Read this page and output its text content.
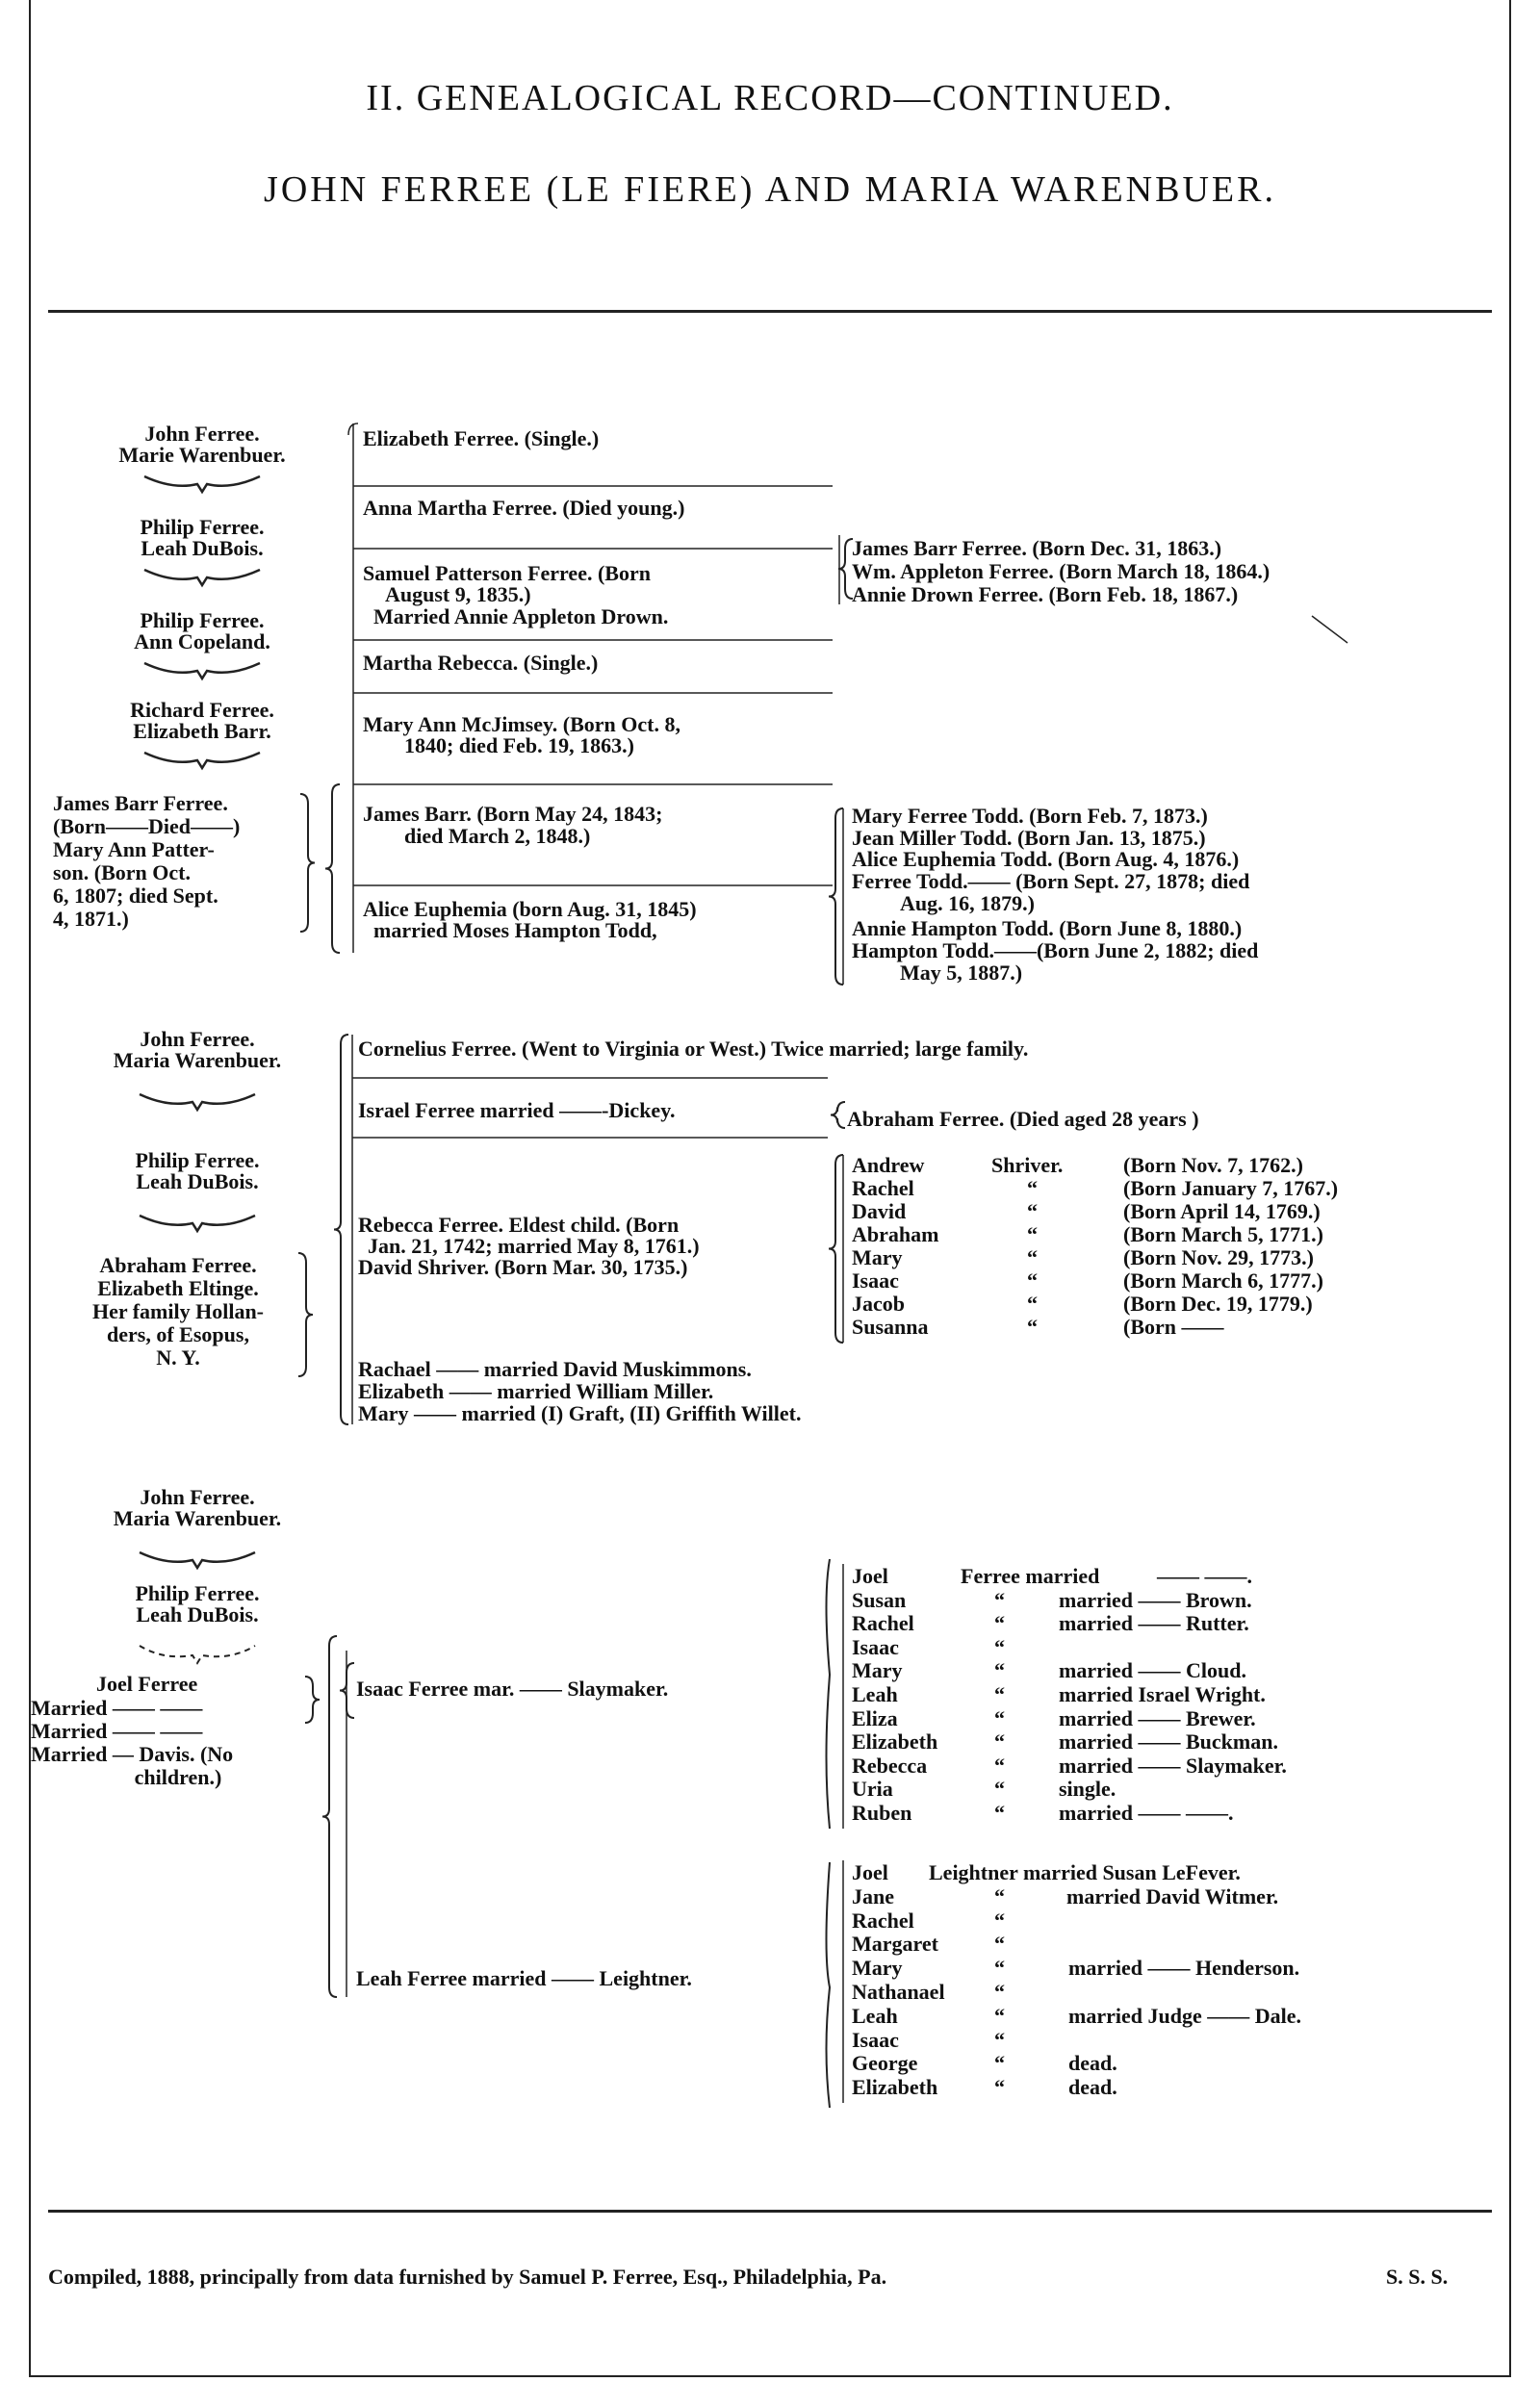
II. GENEALOGICAL RECORD—CONTINUED.
JOHN FERREE (LE FIERE) AND MARIA WARENBUER.
John Ferree.
Marie Warenbuer.
Philip Ferree.
Leah DuBois.
Philip Ferree.
Ann Copeland.
Richard Ferree.
Elizabeth Barr.
James Barr Ferree.
(Born——Died——)
Mary Ann Patter-
son. (Born Oct.
6, 1807; died Sept.
4, 1871.)
Elizabeth Ferree. (Single.)
Anna Martha Ferree. (Died young.)
Samuel Patterson Ferree. (Born
August 9, 1835.)
Married Annie Appleton Drown.
Martha Rebecca. (Single.)
Mary Ann McJimsey. (Born Oct. 8,
1840; died Feb. 19, 1863.)
James Barr. (Born May 24, 1843;
died March 2, 1848.)
Alice Euphemia (born Aug. 31, 1845)
married Moses Hampton Todd,
James Barr Ferree. (Born Dec. 31, 1863.)
Wm. Appleton Ferree. (Born March 18, 1864.)
Annie Drown Ferree. (Born Feb. 18, 1867.)
Mary Ferree Todd. (Born Feb. 7, 1873.)
Jean Miller Todd. (Born Jan. 13, 1875.)
Alice Euphemia Todd. (Born Aug. 4, 1876.)
Ferree Todd.—— (Born Sept. 27, 1878; died
Aug. 16, 1879.)
Annie Hampton Todd. (Born June 8, 1880.)
Hampton Todd.——(Born June 2, 1882; died
May 5, 1887.)
John Ferree.
Maria Warenbuer.
Philip Ferree.
Leah DuBois.
Abraham Ferree.
Elizabeth Eltinge.
Her family Hollan-
ders, of Esopus,
N. Y.
Cornelius Ferree. (Went to Virginia or West.) Twice married; large family.
Israel Ferree married ——-Dickey.
Rebecca Ferree. Eldest child. (Born
Jan. 21, 1742; married May 8, 1761.)
David Shriver. (Born Mar. 30, 1735.)
Rachael —— married David Muskimmons.
Elizabeth —— married William Miller.
Mary —— married (I) Graft, (II) Griffith Willet.
Abraham Ferree. (Died aged 28 years )
Andrew	Shriver.	(Born Nov. 7, 1762.)
Rachel	“	(Born January 7, 1767.)
David	“	(Born April 14, 1769.)
Abraham	“	(Born March 5, 1771.)
Mary	“	(Born Nov. 29, 1773.)
Isaac	“	(Born March 6, 1777.)
Jacob	“	(Born Dec. 19, 1779.)
Susanna	“	(Born ——
John Ferree.
Maria Warenbuer.
Philip Ferree.
Leah DuBois.
Joel Ferree
Married —— ——
Married —— ——
Married — Davis. (No
children.)
Isaac Ferree mar. —— Slaymaker.
Leah Ferree married —— Leightner.
Joel	Ferree married	—— ——.
Susan	“	married —— Brown.
Rachel	“	married —— Rutter.
Isaac	“
Mary	“	married —— Cloud.
Leah	“	married Israel Wright.
Eliza	“	married —— Brewer.
Elizabeth	“	married —— Buckman.
Rebecca	“	married —— Slaymaker.
Uria	“	single.
Ruben	“	married —— ——.
Joel Leightner married Susan LeFever.
Jane	“	married David Witmer.
Rachel	“
Margaret	“
Mary	“	married —— Henderson.
Nathanael “
Leah	“	married Judge —— Dale.
Isaac	“
George	“	dead.
Elizabeth	“	dead.
Compiled, 1888, principally from data furnished by Samuel P. Ferree, Esq., Philadelphia, Pa.	S. S. S.
